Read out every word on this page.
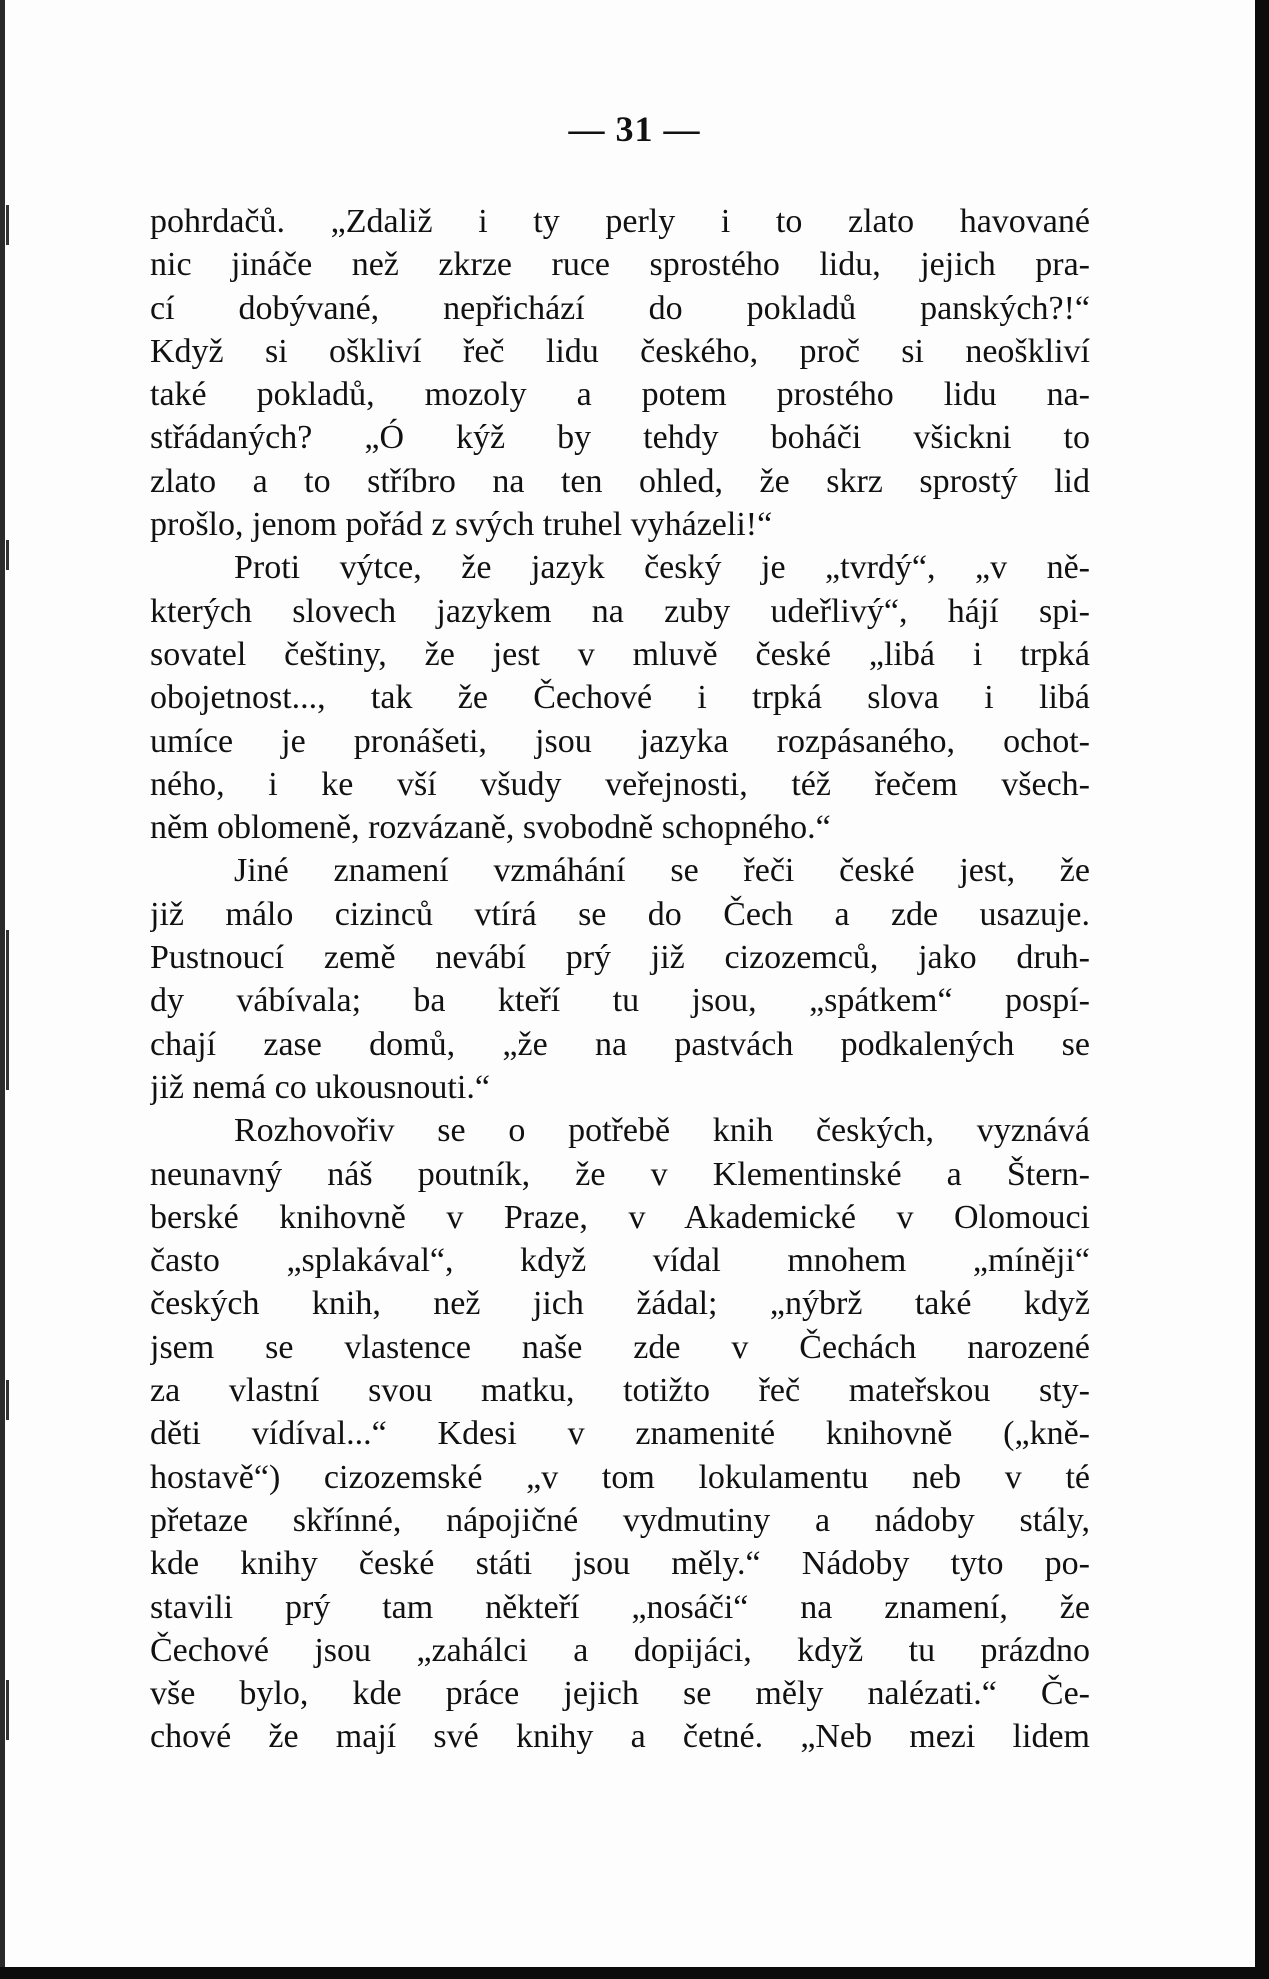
— 31 —
pohrdačů. „Zdaliž i ty perly i to zlato havované
nic jináče než zkrze ruce sprostého lidu, jejich pra-
cí dobývané, nepřichází do pokladů panských?!“
Když si oškliví řeč lidu českého, proč si neoškliví
také pokladů, mozoly a potem prostého lidu na-
střádaných? „Ó kýž by tehdy boháči všickni to
zlato a to stříbro na ten ohled, že skrz sprostý lid
prošlo, jenom pořád z svých truhel vyházeli!“
Proti výtce, že jazyk český je „tvrdý“, „v ně-
kterých slovech jazykem na zuby udeřlivý“, hájí spi-
sovatel češtiny, že jest v mluvě české „libá i trpká
obojetnost..., tak že Čechové i trpká slova i libá
umíce je pronášeti, jsou jazyka rozpásaného, ochot-
ného, i ke vší všudy veřejnosti, též řečem všech-
něm oblomeně, rozvázaně, svobodně schopného.“
Jiné znamení vzmáhání se řeči české jest, že
již málo cizinců vtírá se do Čech a zde usazuje.
Pustnoucí země nevábí prý již cizozemců, jako druh-
dy vábívala; ba kteří tu jsou, „spátkem“ pospí-
chají zase domů, „že na pastvách podkalených se
již nemá co ukousnouti.“
Rozhovořiv se o potřebě knih českých, vyznává
neunavný náš poutník, že v Klementinské a Štern-
berské knihovně v Praze, v Akademické v Olomouci
často „splakával“, když vídal mnohem „míněji“
českých knih, než jich žádal; „nýbrž také když
jsem se vlastence naše zde v Čechách narozené
za vlastní svou matku, totižto řeč mateřskou sty-
děti vídíval...“ Kdesi v znamenité knihovně („kně-
hostavě“) cizozemské „v tom lokulamentu neb v té
přetaze skřínné, nápojičné vydmutiny a nádoby stály,
kde knihy české státi jsou měly.“ Nádoby tyto po-
stavili prý tam někteří „nosáči“ na znamení, že
Čechové jsou „zahálci a dopijáci, když tu prázdno
vše bylo, kde práce jejich se měly nalézati.“ Če-
chové že mají své knihy a četné. „Neb mezi lidem
